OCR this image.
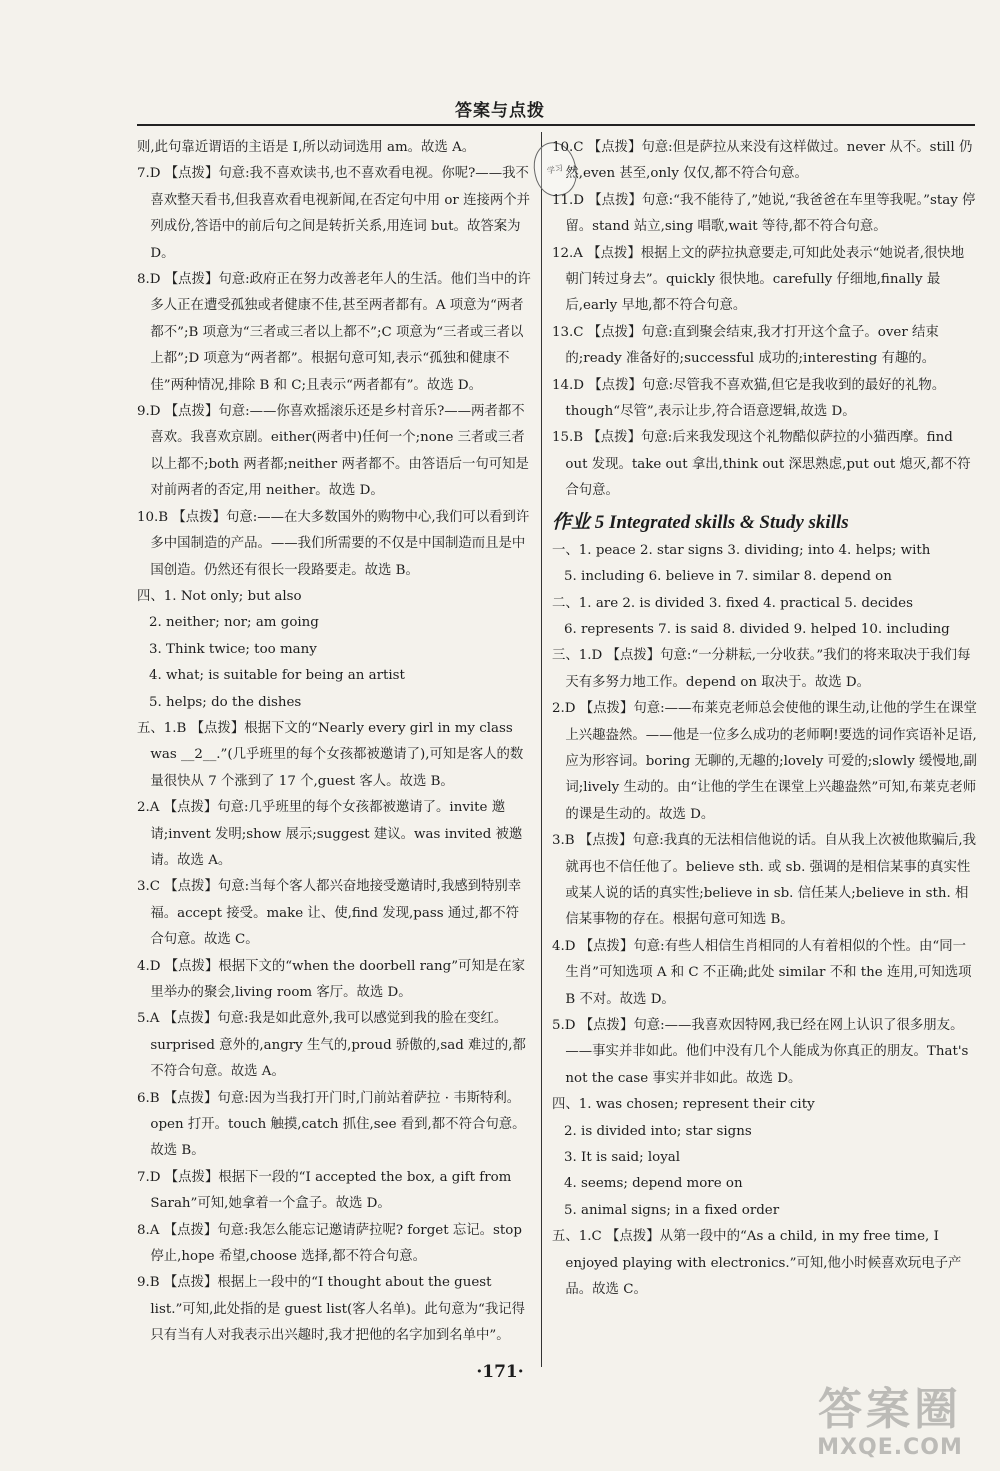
答案与点拨
学习
则,此句靠近谓语的主语是 I,所以动词选用 am。故选 A。
7.D 【点拨】句意:我不喜欢读书,也不喜欢看电视。你呢?——我不喜欢整天看书,但我喜欢看电视新闻,在否定句中用 or 连接两个并列成份,答语中的前后句之间是转折关系,用连词 but。故答案为 D。
8.D 【点拨】句意:政府正在努力改善老年人的生活。他们当中的许多人正在遭受孤独或者健康不佳,甚至两者都有。A 项意为“两者都不”;B 项意为“三者或三者以上都不”;C 项意为“三者或三者以上都”;D 项意为“两者都”。根据句意可知,表示“孤独和健康不佳”两种情况,排除 B 和 C;且表示“两者都有”。故选 D。
9.D 【点拨】句意:——你喜欢摇滚乐还是乡村音乐?——两者都不喜欢。我喜欢京剧。either(两者中)任何一个;none 三者或三者以上都不;both 两者都;neither 两者都不。由答语后一句可知是对前两者的否定,用 neither。故选 D。
10.B 【点拨】句意:——在大多数国外的购物中心,我们可以看到许多中国制造的产品。——我们所需要的不仅是中国制造而且是中国创造。仍然还有很长一段路要走。故选 B。
四、1. Not only; but also
2. neither; nor; am going
3. Think twice; too many
4. what; is suitable for being an artist
5. helps; do the dishes
五、1.B 【点拨】根据下文的“Nearly every girl in my class was __2__.”(几乎班里的每个女孩都被邀请了),可知是客人的数量很快从 7 个涨到了 17 个,guest 客人。故选 B。
2.A 【点拨】句意:几乎班里的每个女孩都被邀请了。invite 邀请;invent 发明;show 展示;suggest 建议。was invited 被邀请。故选 A。
3.C 【点拨】句意:当每个客人都兴奋地接受邀请时,我感到特别幸福。accept 接受。make 让、使,find 发现,pass 通过,都不符合句意。故选 C。
4.D 【点拨】根据下文的“when the doorbell rang”可知是在家里举办的聚会,living room 客厅。故选 D。
5.A 【点拨】句意:我是如此意外,我可以感觉到我的脸在变红。surprised 意外的,angry 生气的,proud 骄傲的,sad 难过的,都不符合句意。故选 A。
6.B 【点拨】句意:因为当我打开门时,门前站着萨拉 · 韦斯特利。open 打开。touch 触摸,catch 抓住,see 看到,都不符合句意。故选 B。
7.D 【点拨】根据下一段的“I accepted the box, a gift from Sarah”可知,她拿着一个盒子。故选 D。
8.A 【点拨】句意:我怎么能忘记邀请萨拉呢? forget 忘记。stop 停止,hope 希望,choose 选择,都不符合句意。
9.B 【点拨】根据上一段中的“I thought about the guest list.”可知,此处指的是 guest list(客人名单)。此句意为“我记得只有当有人对我表示出兴趣时,我才把他的名字加到名单中”。
10.C 【点拨】句意:但是萨拉从来没有这样做过。never 从不。still 仍然,even 甚至,only 仅仅,都不符合句意。
11.D 【点拨】句意:“我不能待了,”她说,“我爸爸在车里等我呢。”stay 停留。stand 站立,sing 唱歌,wait 等待,都不符合句意。
12.A 【点拨】根据上文的萨拉执意要走,可知此处表示“她说者,很快地朝门转过身去”。quickly 很快地。carefully 仔细地,finally 最后,early 早地,都不符合句意。
13.C 【点拨】句意:直到聚会结束,我才打开这个盒子。over 结束的;ready 准备好的;successful 成功的;interesting 有趣的。
14.D 【点拨】句意:尽管我不喜欢猫,但它是我收到的最好的礼物。though“尽管”,表示让步,符合语意逻辑,故选 D。
15.B 【点拨】句意:后来我发现这个礼物酷似萨拉的小猫西摩。find out 发现。take out 拿出,think out 深思熟虑,put out 熄灭,都不符合句意。
作业 5 Integrated skills & Study skills
一、1. peace 2. star signs 3. dividing; into 4. helps; with
5. including 6. believe in 7. similar 8. depend on
二、1. are 2. is divided 3. fixed 4. practical 5. decides
6. represents 7. is said 8. divided 9. helped 10. including
三、1.D 【点拨】句意:“一分耕耘,一分收获。”我们的将来取决于我们每天有多努力地工作。depend on 取决于。故选 D。
2.D 【点拨】句意:——布莱克老师总会使他的课生动,让他的学生在课堂上兴趣盎然。——他是一位多么成功的老师啊!要选的词作宾语补足语,应为形容词。boring 无聊的,无趣的;lovely 可爱的;slowly 缓慢地,副词;lively 生动的。由“让他的学生在课堂上兴趣盎然”可知,布莱克老师的课是生动的。故选 D。
3.B 【点拨】句意:我真的无法相信他说的话。自从我上次被他欺骗后,我就再也不信任他了。believe sth. 或 sb. 强调的是相信某事的真实性或某人说的话的真实性;believe in sb. 信任某人;believe in sth. 相信某事物的存在。根据句意可知选 B。
4.D 【点拨】句意:有些人相信生肖相同的人有着相似的个性。由“同一生肖”可知选项 A 和 C 不正确;此处 similar 不和 the 连用,可知选项 B 不对。故选 D。
5.D 【点拨】句意:——我喜欢因特网,我已经在网上认识了很多朋友。——事实并非如此。他们中没有几个人能成为你真正的朋友。That's not the case 事实并非如此。故选 D。
四、1. was chosen; represent their city
2. is divided into; star signs
3. It is said; loyal
4. seems; depend more on
5. animal signs; in a fixed order
五、1.C 【点拨】从第一段中的“As a child, in my free time, I enjoyed playing with electronics.”可知,他小时候喜欢玩电子产品。故选 C。
·171·
答案圈
MXQE.COM
